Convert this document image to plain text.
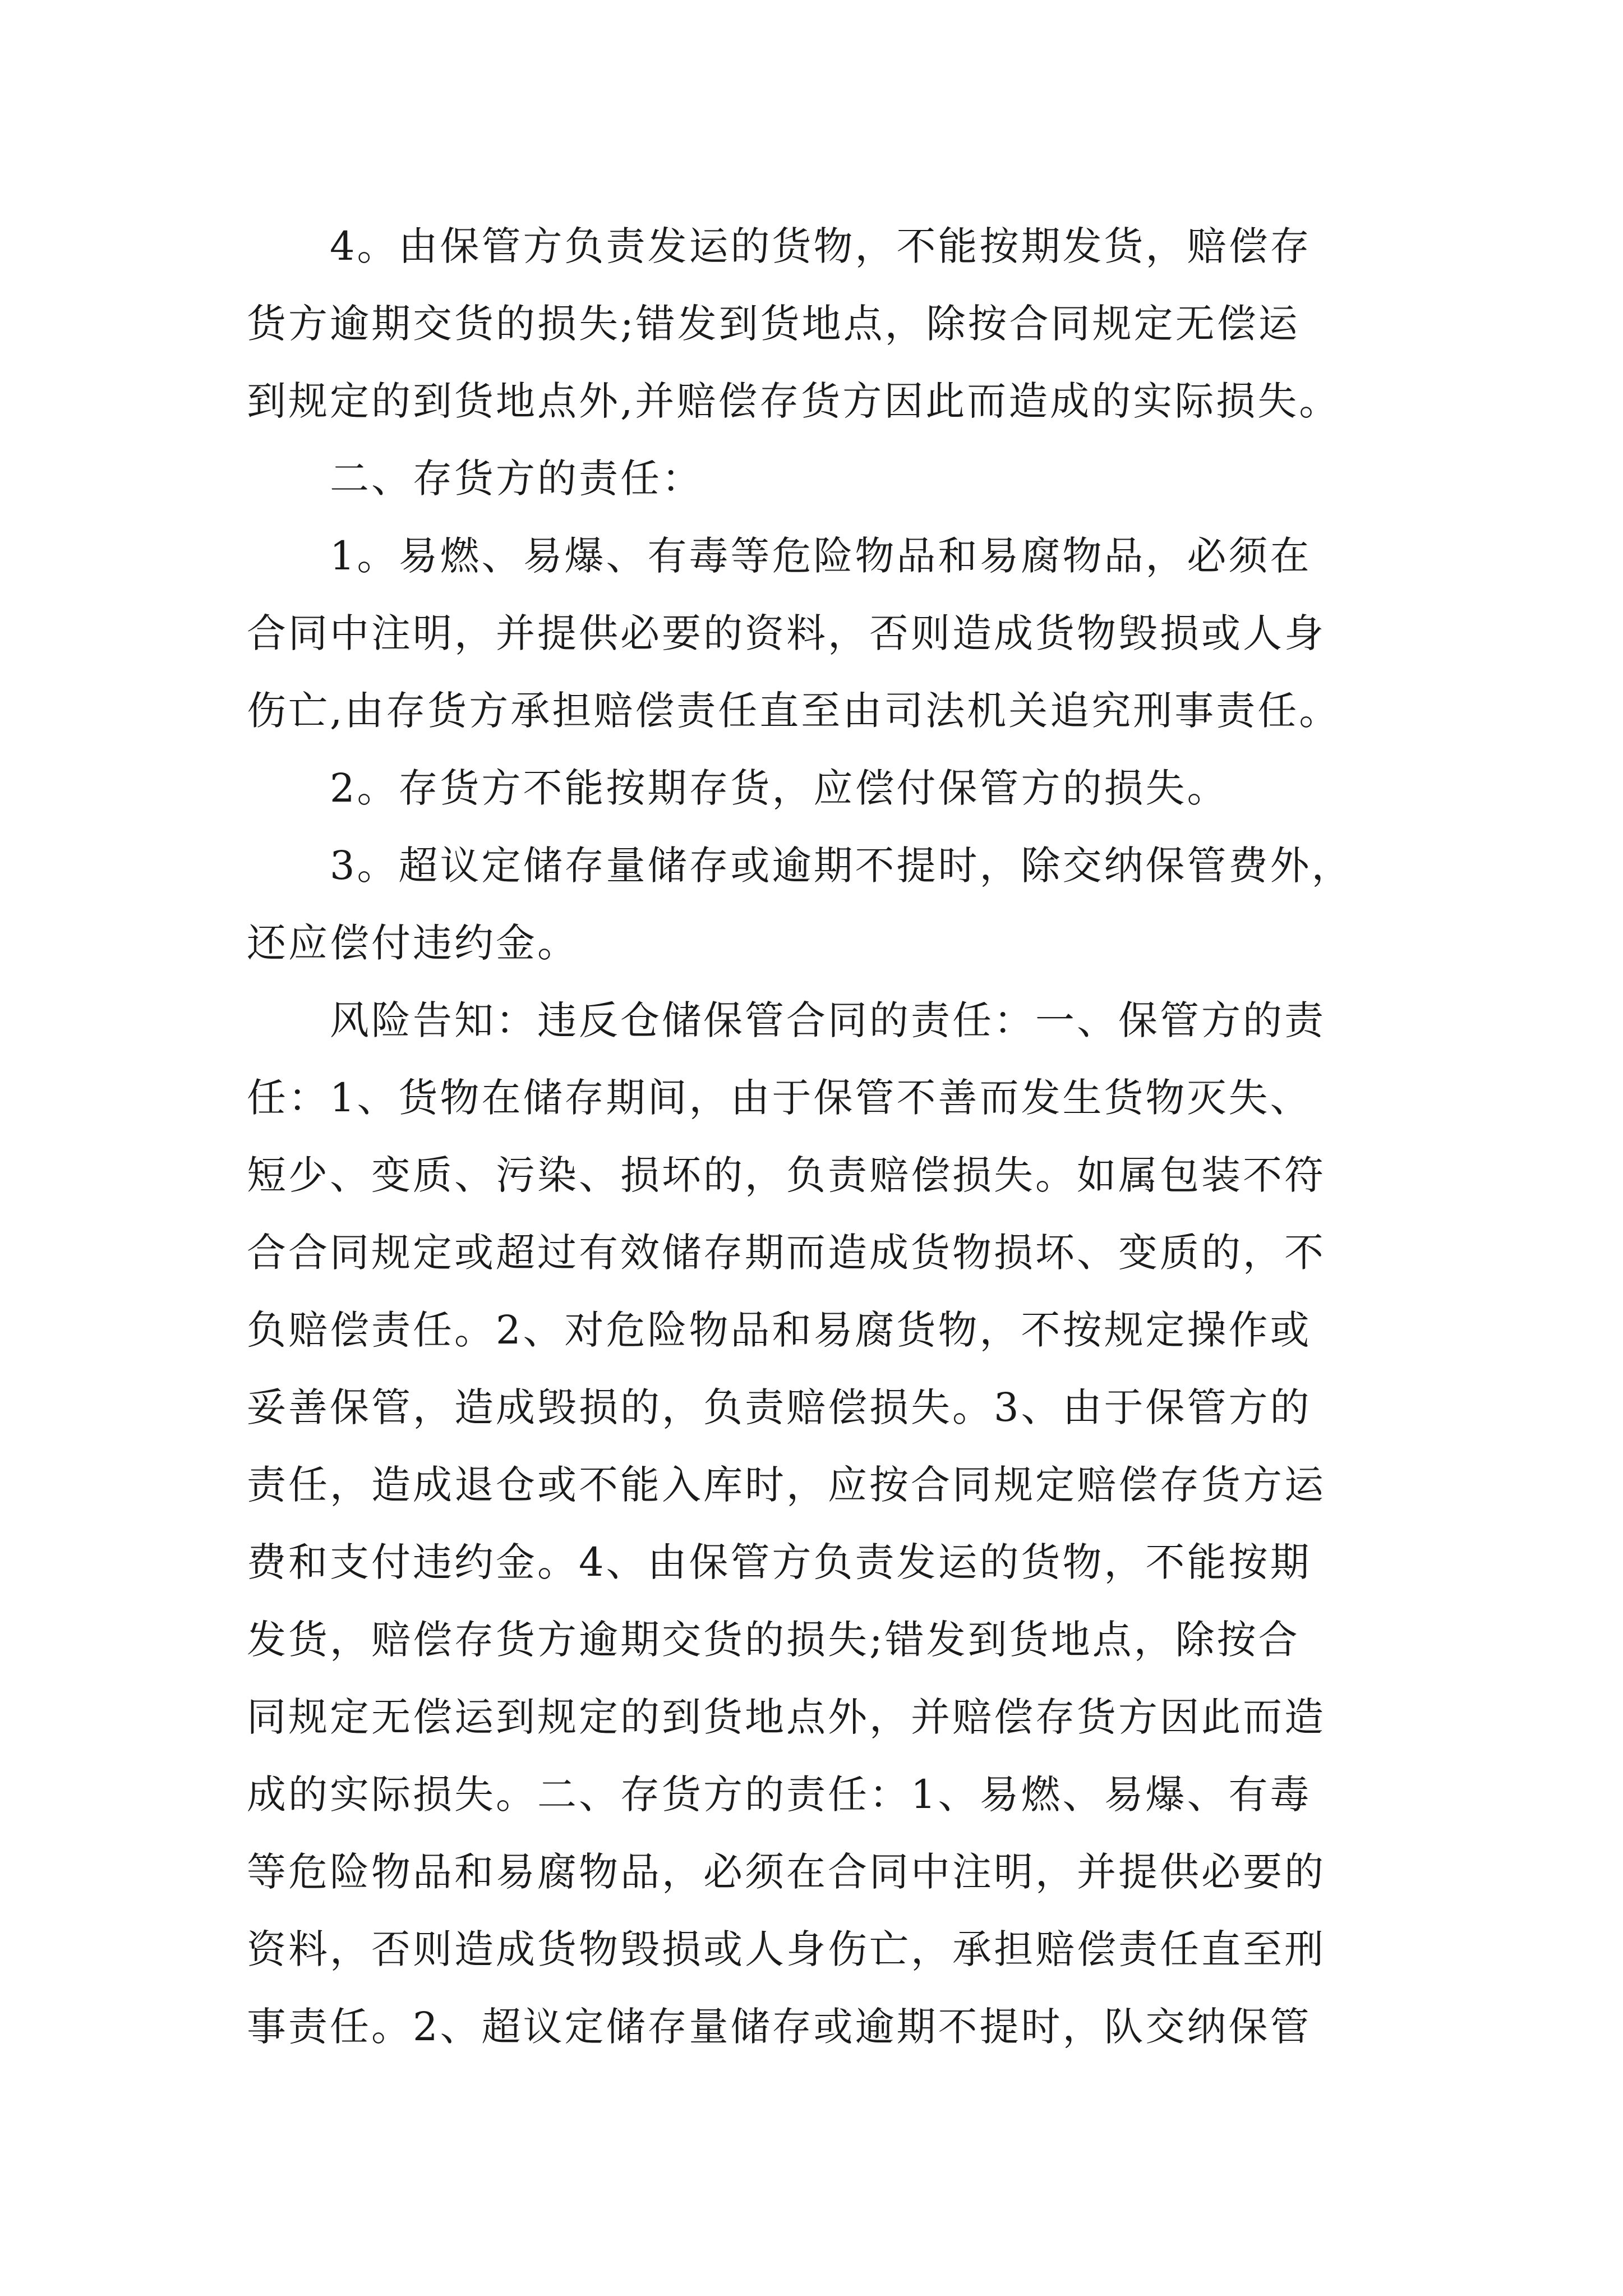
4。由保管方负责发运的货物，不能按期发货，赔偿存
货方逾期交货的损失;错发到货地点，除按合同规定无偿运
到规定的到货地点外,并赔偿存货方因此而造成的实际损失。
二、存货方的责任：
1。易燃、易爆、有毒等危险物品和易腐物品，必须在
合同中注明，并提供必要的资料，否则造成货物毁损或人身
伤亡,由存货方承担赔偿责任直至由司法机关追究刑事责任。
2。存货方不能按期存货，应偿付保管方的损失。
3。超议定储存量储存或逾期不提时，除交纳保管费外，
还应偿付违约金。
风险告知：违反仓储保管合同的责任：一、保管方的责
任：1、货物在储存期间，由于保管不善而发生货物灭失、
短少、变质、污染、损坏的，负责赔偿损失。如属包装不符
合合同规定或超过有效储存期而造成货物损坏、变质的，不
负赔偿责任。2、对危险物品和易腐货物，不按规定操作或
妥善保管，造成毁损的，负责赔偿损失。3、由于保管方的
责任，造成退仓或不能入库时，应按合同规定赔偿存货方运
费和支付违约金。4、由保管方负责发运的货物，不能按期
发货，赔偿存货方逾期交货的损失;错发到货地点，除按合
同规定无偿运到规定的到货地点外，并赔偿存货方因此而造
成的实际损失。二、存货方的责任：1、易燃、易爆、有毒
等危险物品和易腐物品，必须在合同中注明，并提供必要的
资料，否则造成货物毁损或人身伤亡，承担赔偿责任直至刑
事责任。2、超议定储存量储存或逾期不提时，队交纳保管
